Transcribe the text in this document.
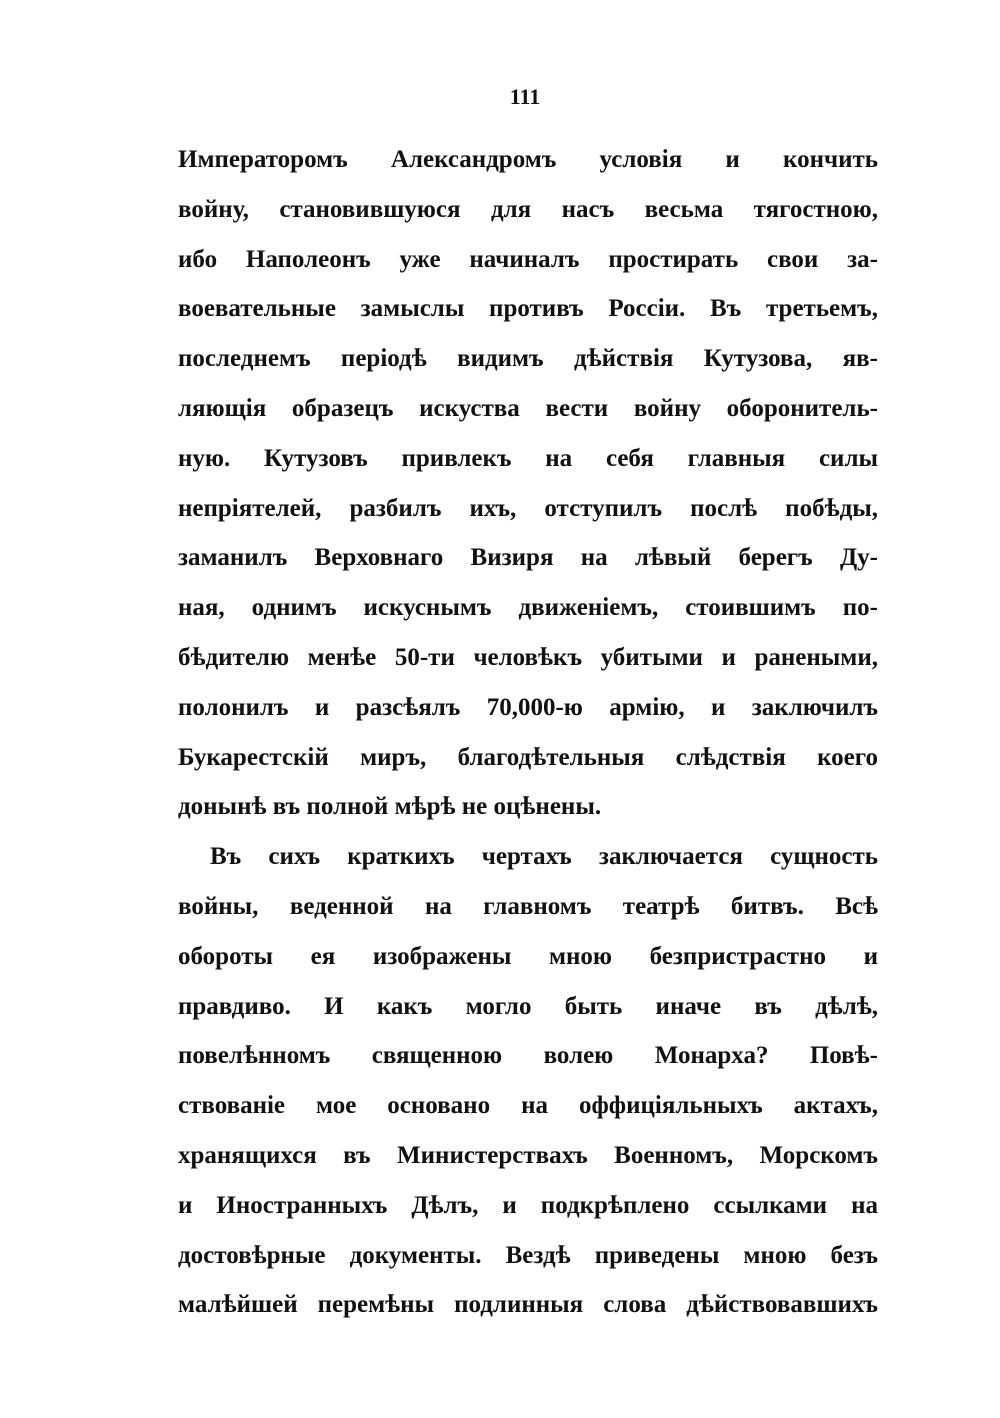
111
Императоромъ Александромъ условія и кончить
войну, становившуюся для насъ весьма тягостною,
ибо Наполеонъ уже начиналъ простирать свои за-
воевательные замыслы противъ Россіи. Въ третьемъ,
последнемъ періодѣ видимъ дѣйствія Кутузова, яв-
ляющія образецъ искуства вести войну оборонитель-
ную. Кутузовъ привлекъ на себя главныя силы
непріятелей, разбилъ ихъ, отступилъ послѣ побѣды,
заманилъ Верховнаго Визиря на лѣвый берегъ Ду-
ная, однимъ искуснымъ движеніемъ, стоившимъ по-
бѣдителю менѣе 50-ти человѣкъ убитыми и ранеными,
полонилъ и разсѣялъ 70,000-ю армію, и заключилъ
Букарестскій миръ, благодѣтельныя слѣдствія коего
донынѣ въ полной мѣрѣ не оцѣнены.
Въ сихъ краткихъ чертахъ заключается сущность
войны, веденной на главномъ театрѣ битвъ. Всѣ
обороты ея изображены мною безпристрастно и
правдиво. И какъ могло быть иначе въ дѣлѣ,
повелѣнномъ священною волею Монарха? Повѣ-
ствованіе мое основано на оффиціяльныхъ актахъ,
хранящихся въ Министерствахъ Военномъ, Морскомъ
и Иностранныхъ Дѣлъ, и подкрѣплено ссылками на
достовѣрные документы. Вездѣ приведены мною безъ
малѣйшей перемѣны подлинныя слова дѣйствовавшихъ
